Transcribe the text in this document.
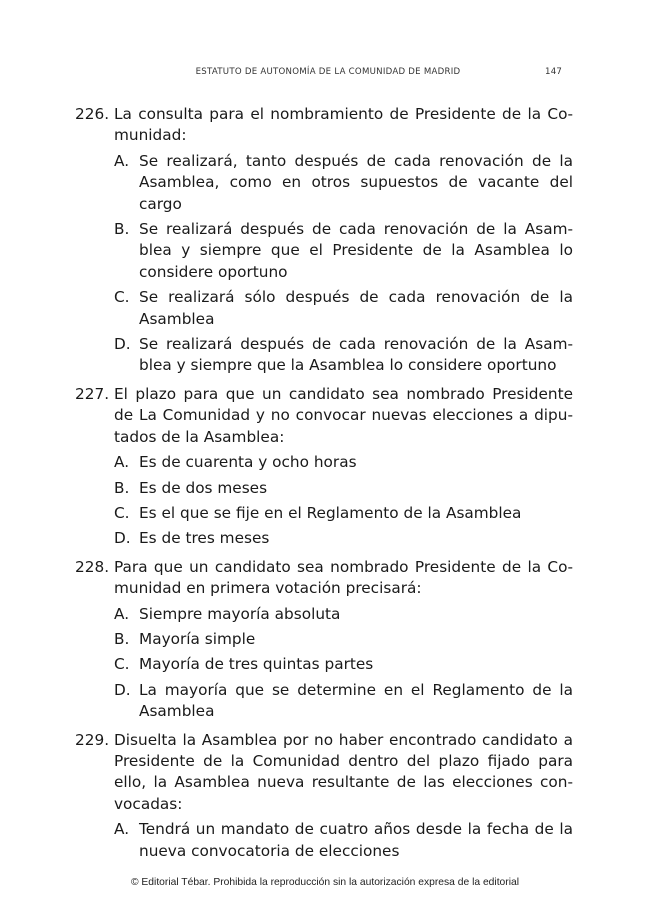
ESTATUTO DE AUTONOMÍA DE LA COMUNIDAD DE MADRID	147
226. La consulta para el nombramiento de Presidente de la Comunidad:
A. Se realizará, tanto después de cada renovación de la Asamblea, como en otros supuestos de vacante del cargo
B. Se realizará después de cada renovación de la Asamblea y siempre que el Presidente de la Asamblea lo considere oportuno
C. Se realizará sólo después de cada renovación de la Asamblea
D. Se realizará después de cada renovación de la Asamblea y siempre que la Asamblea lo considere oportuno
227. El plazo para que un candidato sea nombrado Presidente de La Comunidad y no convocar nuevas elecciones a diputados de la Asamblea:
A. Es de cuarenta y ocho horas
B. Es de dos meses
C. Es el que se fije en el Reglamento de la Asamblea
D. Es de tres meses
228. Para que un candidato sea nombrado Presidente de la Comunidad en primera votación precisará:
A. Siempre mayoría absoluta
B. Mayoría simple
C. Mayoría de tres quintas partes
D. La mayoría que se determine en el Reglamento de la Asamblea
229. Disuelta la Asamblea por no haber encontrado candidato a Presidente de la Comunidad dentro del plazo fijado para ello, la Asamblea nueva resultante de las elecciones convocadas:
A. Tendrá un mandato de cuatro años desde la fecha de la nueva convocatoria de elecciones
© Editorial Tébar. Prohibida la reproducción sin la autorización expresa de la editorial
